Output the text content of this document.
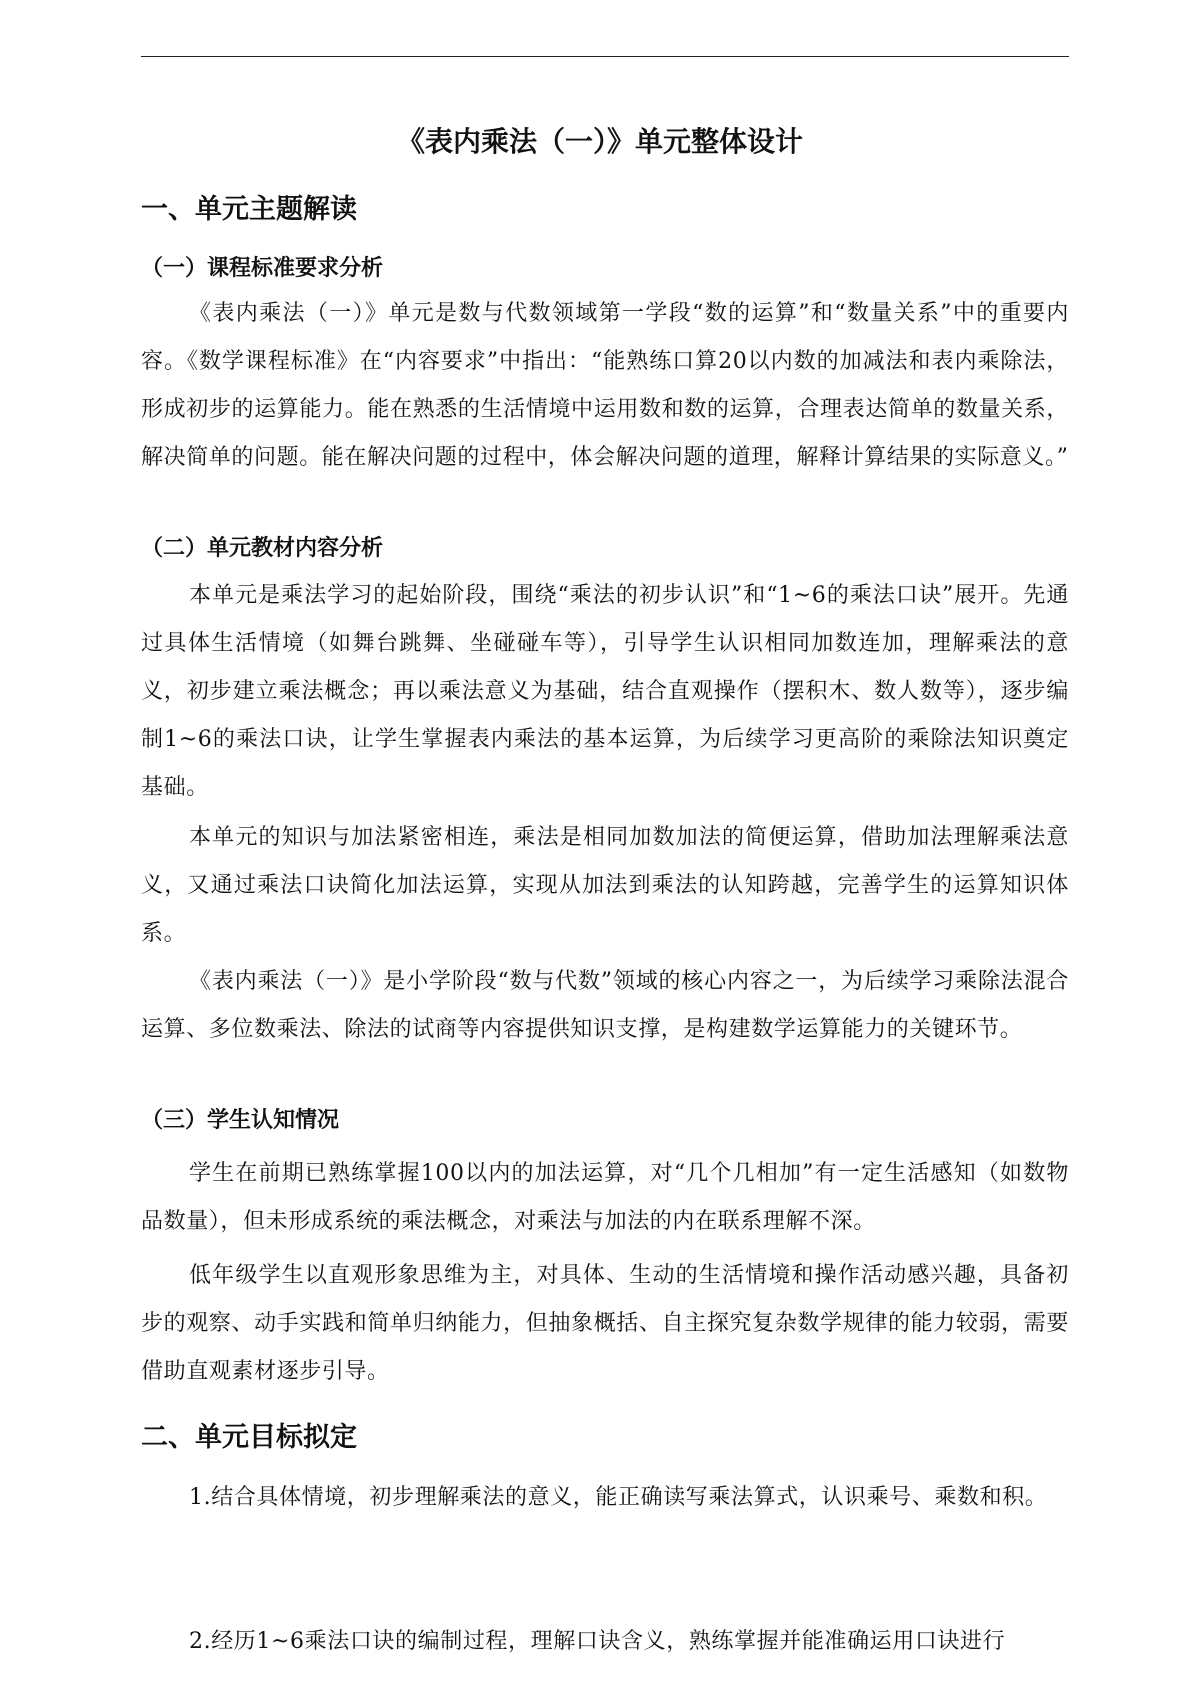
《表内乘法（一）》单元整体设计
一、单元主题解读
（一）课程标准要求分析
《表内乘法（一）》单元是数与代数领域第一学段“数的运算”和“数量关系”中的重要内容。《数学课程标准》在“内容要求”中指出：“能熟练口算20以内数的加减法和表内乘除法，形成初步的运算能力。能在熟悉的生活情境中运用数和数的运算，合理表达简单的数量关系，解决简单的问题。能在解决问题的过程中，体会解决问题的道理，解释计算结果的实际意义。”
（二）单元教材内容分析
本单元是乘法学习的起始阶段，围绕“乘法的初步认识”和“1~6的乘法口诀”展开。先通过具体生活情境（如舞台跳舞、坐碰碰车等），引导学生认识相同加数连加，理解乘法的意义，初步建立乘法概念；再以乘法意义为基础，结合直观操作（摆积木、数人数等），逐步编制1~6的乘法口诀，让学生掌握表内乘法的基本运算，为后续学习更高阶的乘除法知识奠定基础。
本单元的知识与加法紧密相连，乘法是相同加数加法的简便运算，借助加法理解乘法意义，又通过乘法口诀简化加法运算，实现从加法到乘法的认知跨越，完善学生的运算知识体系。
《表内乘法（一）》是小学阶段“数与代数”领域的核心内容之一，为后续学习乘除法混合运算、多位数乘法、除法的试商等内容提供知识支撑，是构建数学运算能力的关键环节。
（三）学生认知情况
学生在前期已熟练掌握100以内的加法运算，对“几个几相加”有一定生活感知（如数物品数量），但未形成系统的乘法概念，对乘法与加法的内在联系理解不深。
低年级学生以直观形象思维为主，对具体、生动的生活情境和操作活动感兴趣，具备初步的观察、动手实践和简单归纳能力，但抽象概括、自主探究复杂数学规律的能力较弱，需要借助直观素材逐步引导。
二、单元目标拟定
1.结合具体情境，初步理解乘法的意义，能正确读写乘法算式，认识乘号、乘数和积。
2.经历1~6乘法口诀的编制过程，理解口诀含义，熟练掌握并能准确运用口诀进行
